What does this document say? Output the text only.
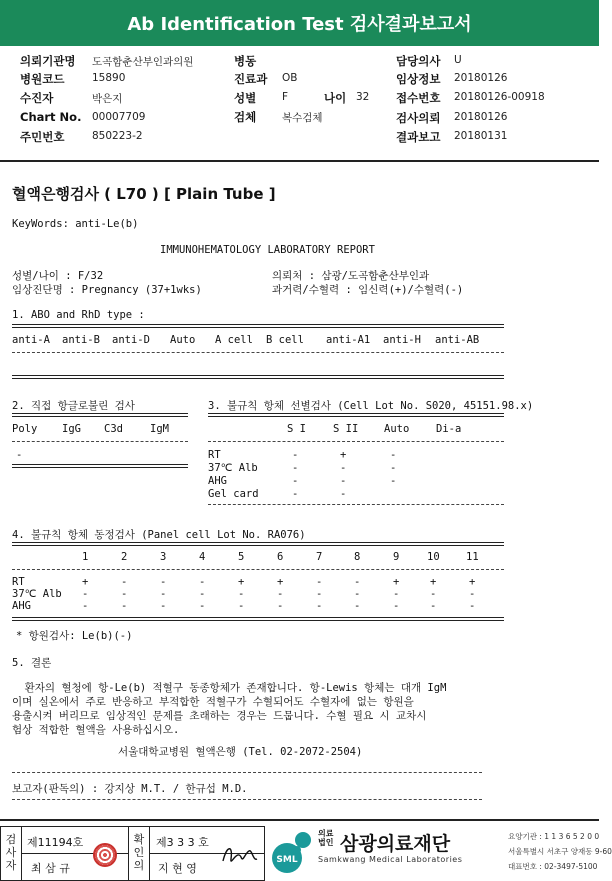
Ab Identification Test 검사결과보고서
의뢰기관명 도곡함춘산부인과의원	병동	담당의사 U
병원코드	15890	진료과 OB	임상정보 20180126
수진자	박은지	성별 F	나이 32 접수번호 20180126-00918
Chart No. 00007709	검체 복수검체	검사의뢰 20180126
주민번호	850223-2	결과보고 20180131
혈액은행검사 ( L70 ) [ Plain Tube ]
KeyWords: anti-Le(b)
IMMUNOHEMATOLOGY LABORATORY REPORT
성별/나이 : F/32
임상진단명 : Pregnancy (37+1wks)
의뢰처 : 삼광/도곡함춘산부인과
과거력/수혈력 : 임신력(+)/수혈력(-)
1. ABO and RhD type :
anti-A anti-B anti-D Auto A cell B cell anti-A1 anti-H anti-AB
2. 직접 항글로불린 검사
Poly IgG C3d	IgM
-
3. 불규칙 항체 선별검사 (Cell Lot No. S020, 45151.98.x)
S I	S II Auto	Di-a
RT	-	+	-
37℃ Alb	-	-	-
AHG	-	-	-
Gel card	-	-
4. 불규칙 항체 동정검사 (Panel cell Lot No. RA076)
1	2	3	4	5	6	7	8	9	10	11
RT	+	-	-	-	+	+	-	-	+	+	+
37℃ Alb -	-	-	-	-	-	-	-	-	-	-
AHG	-	-	-	-	-	-	-	-	-	-	-
* 항원검사: Le(b)(-)
5. 결론
환자의 혈청에 항-Le(b) 적혈구 동종항체가 존재합니다. 항-Lewis 항체는 대개 IgM
이며 실온에서 주로 반응하고 부적합한 적혈구가 수혈되어도 수혈자에 없는 항원을
용출시켜 버리므로 임상적인 문제를 초래하는 경우는 드뭅니다. 수혈 필요 시 교차시
험상 적합한 혈액을 사용하십시오.
서울대학교병원 혈액은행 (Tel. 02-2072-2504)
보고자(판독의) : 강지상 M.T. / 한규섭 M.D.
검
사
자
제11194호
최 삼 규
확
인
의
제3 3 3 호
지 현 영
SML
의료
법인 삼광의료재단
Samkwang Medical Laboratories
요양기관 : 1 1 3 6 5 2 0 0
서울특별시 서초구 양재동 9-60
대표번호 : 02-3497-5100
